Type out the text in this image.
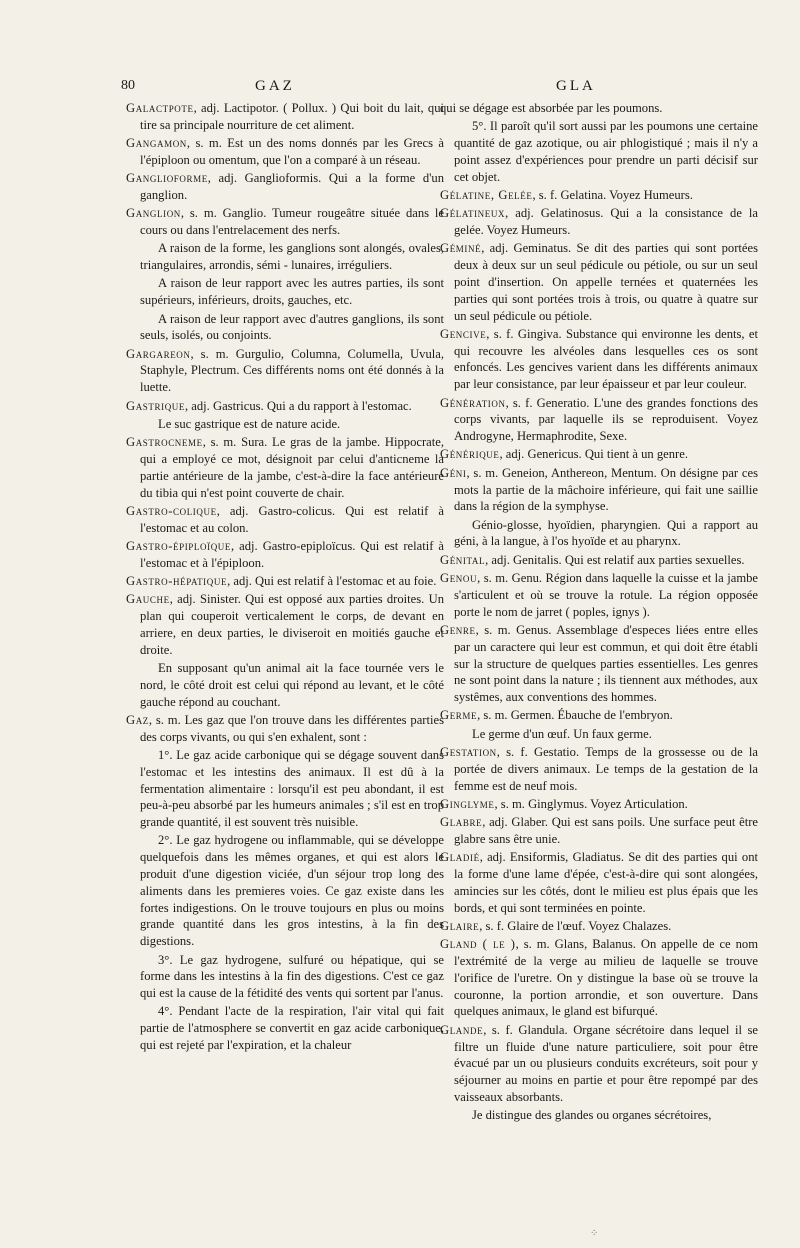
80	GAZ	GLA

Galactpote, adj. Lactipotor. ( Pollux. ) Qui boit du lait, qui tire sa principale nourriture de cet aliment.

Gangamon, s. m. Est un des noms donnés par les Grecs à l'épiploon ou omentum, que l'on a comparé à un réseau.

Ganglioforme, adj. Ganglioformis. Qui a la forme d'un ganglion.

Ganglion, s. m. Ganglio. Tumeur rougeâtre située dans le cours ou dans l'entrelacement des nerfs.

A raison de la forme, les ganglions sont alongés, ovales, triangulaires, arrondis, sémi - lunaires, irréguliers.

A raison de leur rapport avec les autres parties, ils sont supérieurs, inférieurs, droits, gauches, etc.

A raison de leur rapport avec d'autres ganglions, ils sont seuls, isolés, ou conjoints.

Gargareon, s. m. Gurgulio, Columna, Columella, Uvula, Staphyle, Plectrum. Ces différents noms ont été donnés à la luette.

Gastrique, adj. Gastricus. Qui a du rapport à l'estomac.

Le suc gastrique est de nature acide.

Gastrocneme, s. m. Sura. Le gras de la jambe. Hippocrate, qui a employé ce mot, désignoit par celui d'anticneme la partie antérieure de la jambe, c'est-à-dire la face antérieure du tibia qui n'est point couverte de chair.

Gastro-colique, adj. Gastro-colicus. Qui est relatif à l'estomac et au colon.

Gastro-épiploïque, adj. Gastro-epiploïcus. Qui est relatif à l'estomac et à l'épiploon.

Gastro-hépatique, adj. Qui est relatif à l'estomac et au foie.

Gauche, adj. Sinister. Qui est opposé aux parties droites. Un plan qui couperoit verticalement le corps, de devant en arriere, en deux parties, le diviseroit en moitiés gauche et droite.

En supposant qu'un animal ait la face tournée vers le nord, le côté droit est celui qui répond au levant, et le côté gauche répond au couchant.

Gaz, s. m. Les gaz que l'on trouve dans les différentes parties des corps vivants, ou qui s'en exhalent, sont :

1°. Le gaz acide carbonique qui se dégage souvent dans l'estomac et les intestins des animaux. Il est dû à la fermentation alimentaire : lorsqu'il est peu abondant, il est peu-à-peu absorbé par les humeurs animales ; s'il est en trop grande quantité, il est souvent très nuisible.

2°. Le gaz hydrogene ou inflammable, qui se développe quelquefois dans les mêmes organes, et qui est alors le produit d'une digestion viciée, d'un séjour trop long des aliments dans les premieres voies. Ce gaz existe dans les fortes indigestions. On le trouve toujours en plus ou moins grande quantité dans les gros intestins, à la fin des digestions.

3°. Le gaz hydrogene, sulfuré ou hépatique, qui se forme dans les intestins à la fin des digestions. C'est ce gaz qui est la cause de la fétidité des vents qui sortent par l'anus.

4°. Pendant l'acte de la respiration, l'air vital qui fait partie de l'atmosphere se convertit en gaz acide carbonique, qui est rejeté par l'expiration, et la chaleur

qui se dégage est absorbée par les poumons.

5°. Il paroît qu'il sort aussi par les poumons une certaine quantité de gaz azotique, ou air phlogistiqué ; mais il n'y a point assez d'expériences pour prendre un parti décisif sur cet objet.

Gélatine, Gelée, s. f. Gelatina. Voyez Humeurs.

Gélatineux, adj. Gelatinosus. Qui a la consistance de la gelée. Voyez Humeurs.

Géminé, adj. Geminatus. Se dit des parties qui sont portées deux à deux sur un seul pédicule ou pétiole, ou sur un seul point d'insertion. On appelle ternées et quaternées les parties qui sont portées trois à trois, ou quatre à quatre sur un seul pédicule ou pétiole.

Gencive, s. f. Gingiva. Substance qui environne les dents, et qui recouvre les alvéoles dans lesquelles ces os sont enfoncés. Les gencives varient dans les différents animaux par leur consistance, par leur épaisseur et par leur couleur.

Génération, s. f. Generatio. L'une des grandes fonctions des corps vivants, par laquelle ils se reproduisent. Voyez Androgyne, Hermaphrodite, Sexe.

Générique, adj. Genericus. Qui tient à un genre.

Géni, s. m. Geneion, Anthereon, Mentum. On désigne par ces mots la partie de la mâchoire inférieure, qui fait une saillie dans la région de la symphyse.

Génio-glosse, hyoïdien, pharyngien. Qui a rapport au géni, à la langue, à l'os hyoïde et au pharynx.

Génital, adj. Genitalis. Qui est relatif aux parties sexuelles.

Genou, s. m. Genu. Région dans laquelle la cuisse et la jambe s'articulent et où se trouve la rotule. La région opposée porte le nom de jarret ( poples, ignys ).

Genre, s. m. Genus. Assemblage d'especes liées entre elles par un caractere qui leur est commun, et qui doit être établi sur la structure de quelques parties essentielles. Les genres ne sont point dans la nature ; ils tiennent aux méthodes, aux systêmes, aux conventions des hommes.

Germe, s. m. Germen. Ébauche de l'embryon.

Le germe d'un œuf. Un faux germe.

Gestation, s. f. Gestatio. Temps de la grossesse ou de la portée de divers animaux. Le temps de la gestation de la femme est de neuf mois.

Ginglyme, s. m. Ginglymus. Voyez Articulation.

Glabre, adj. Glaber. Qui est sans poils. Une surface peut être glabre sans être unie.

Gladié, adj. Ensiformis, Gladiatus. Se dit des parties qui ont la forme d'une lame d'épée, c'est-à-dire qui sont alongées, amincies sur les côtés, dont le milieu est plus épais que les bords, et qui sont terminées en pointe.

Glaire, s. f. Glaire de l'œuf. Voyez Chalazes.

Gland ( le ), s. m. Glans, Balanus. On appelle de ce nom l'extrémité de la verge au milieu de laquelle se trouve l'orifice de l'uretre. On y distingue la base où se trouve la couronne, la portion arrondie, et son ouverture. Dans quelques animaux, le gland est bifurqué.

Glande, s. f. Glandula. Organe sécrétoire dans lequel il se filtre un fluide d'une nature particuliere, soit pour être évacué par un ou plusieurs conduits excréteurs, soit pour y séjourner au moins en partie et pour être repompé par des vaisseaux absorbants.

Je distingue des glandes ou organes sécrétoires,

⁘
